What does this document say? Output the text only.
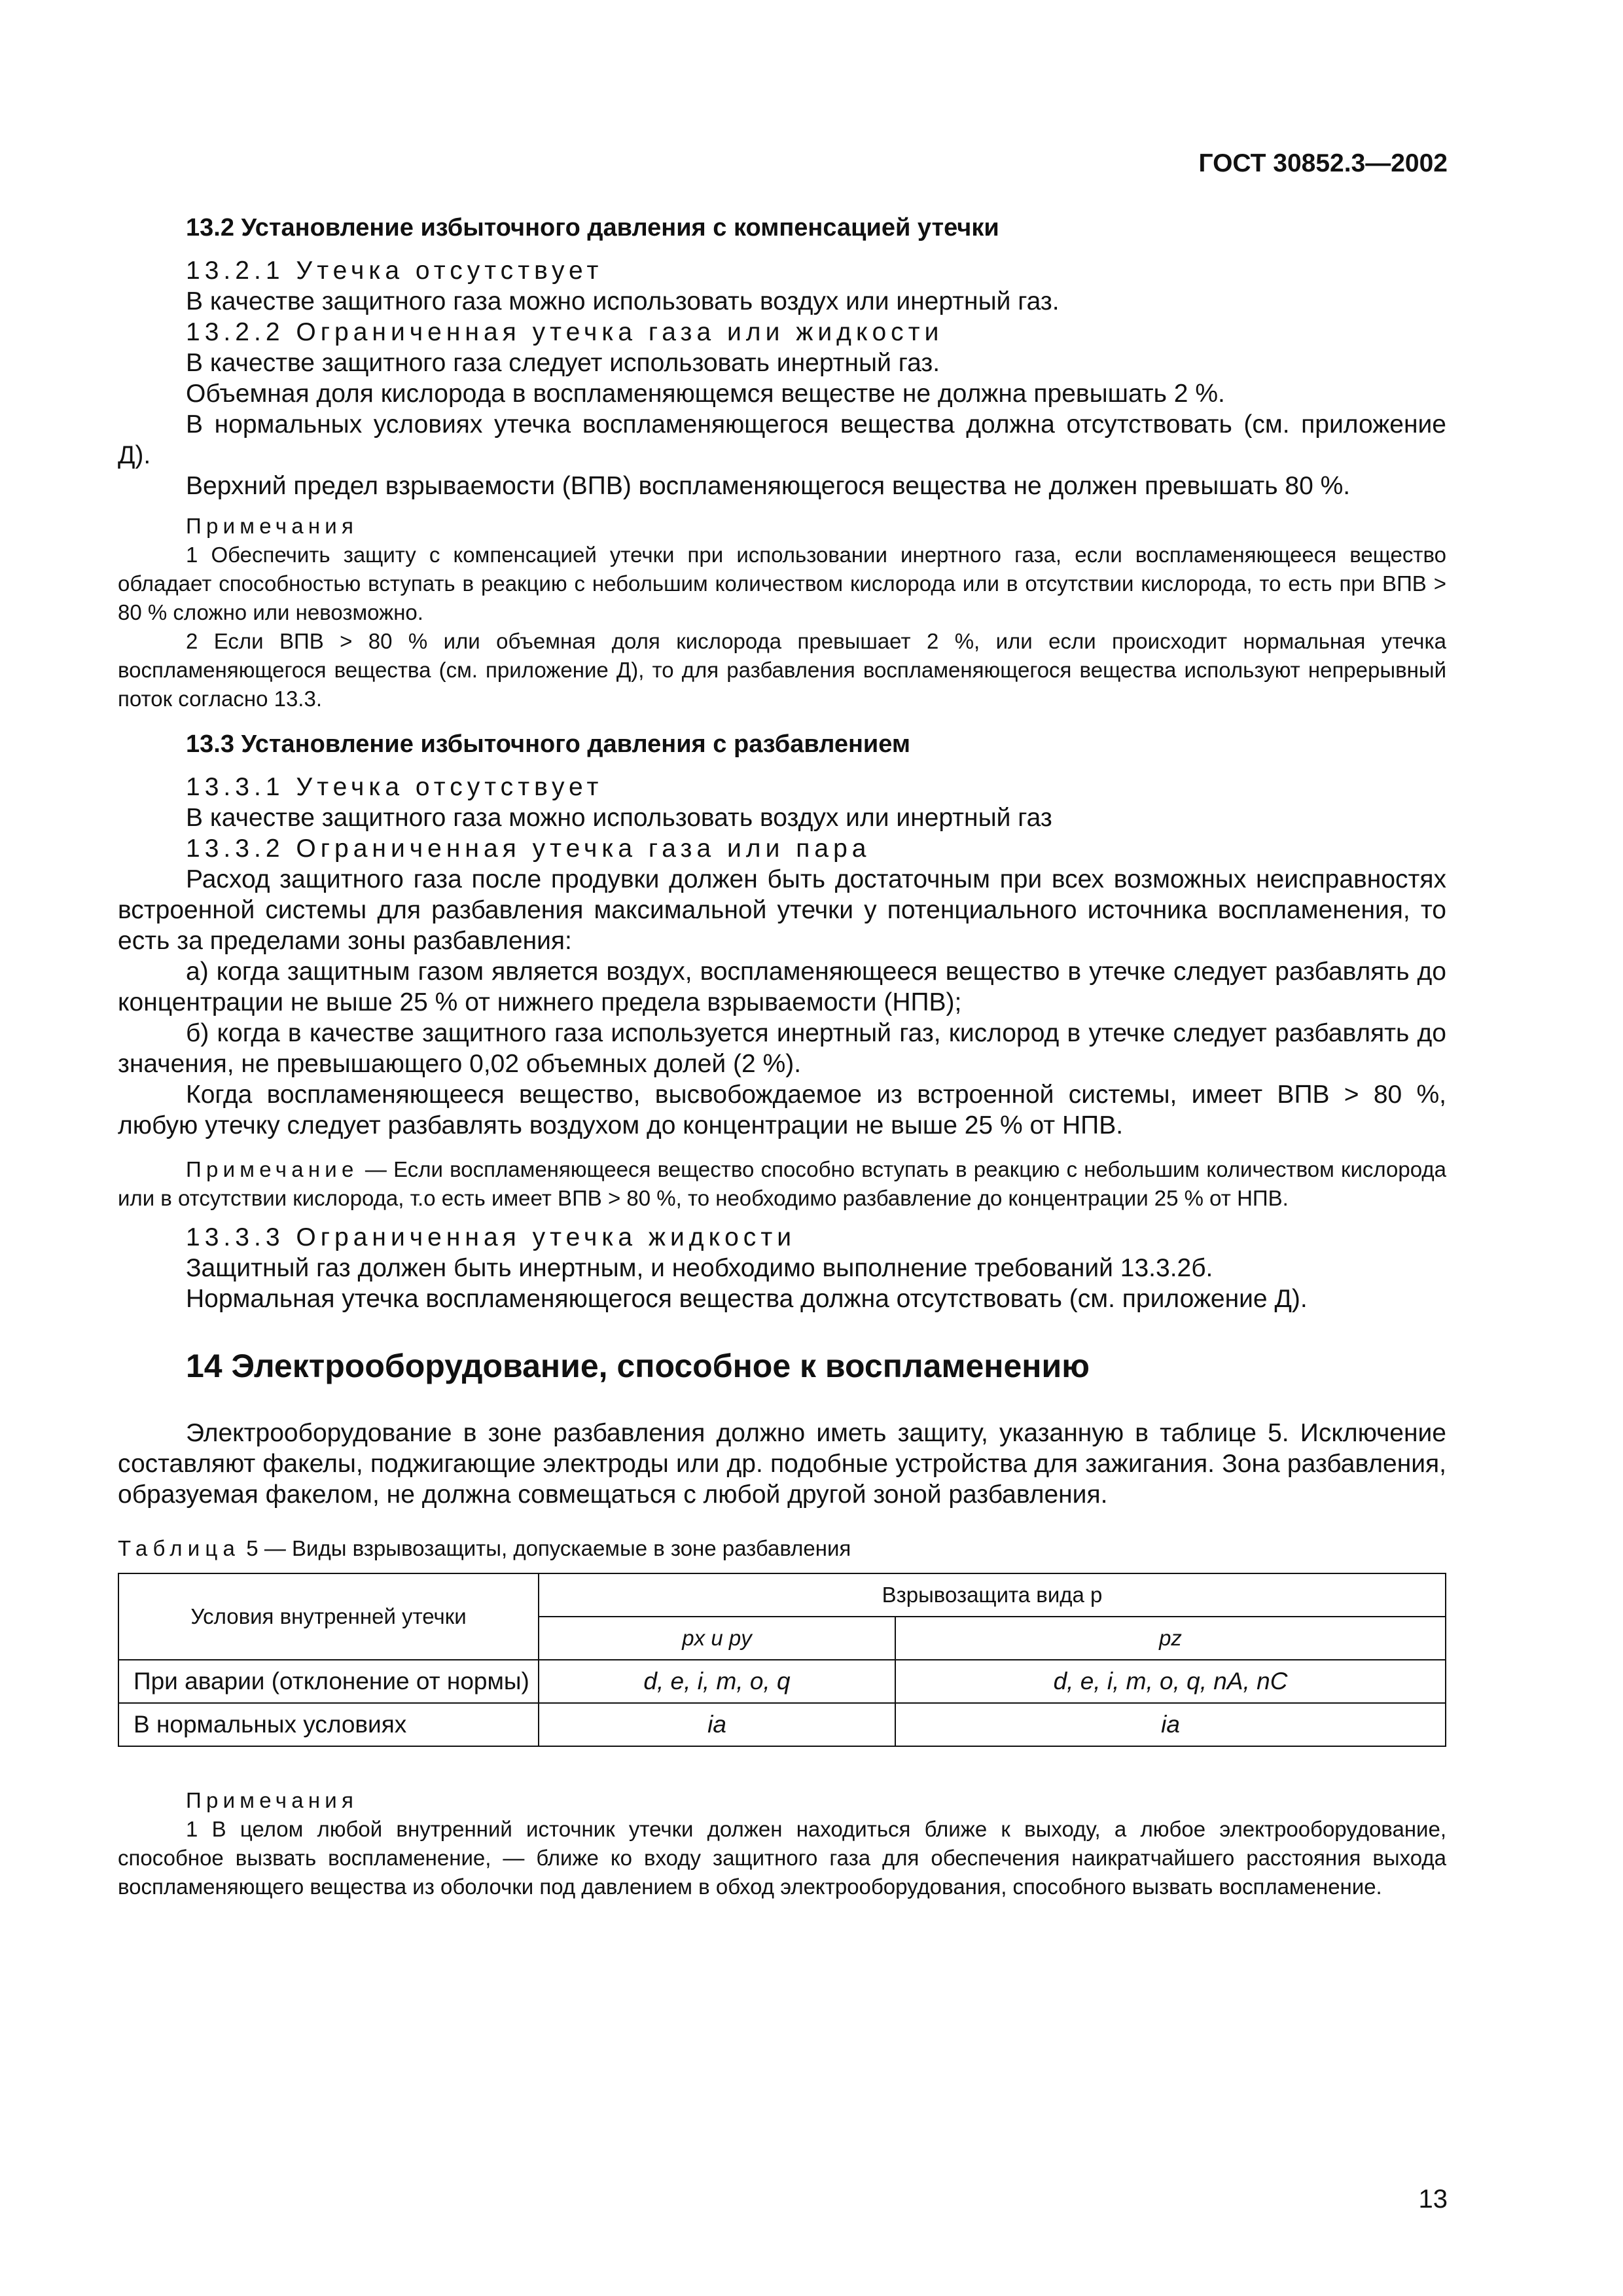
ГОСТ 30852.3—2002
13.2 Установление избыточного давления с компенсацией утечки

13.2.1 Утечка отсутствует

В качестве защитного газа можно использовать воздух или инертный газ.

13.2.2 Ограниченная утечка газа или жидкости

В качестве защитного газа следует использовать инертный газ.

Объемная доля кислорода в воспламеняющемся веществе не должна превышать 2 %.

В нормальных условиях утечка воспламеняющегося вещества должна отсутствовать (см. приложение Д).

Верхний предел взрываемости (ВПВ) воспламеняющегося вещества не должен превышать 80 %.

Примечания

1 Обеспечить защиту с компенсацией утечки при использовании инертного газа, если воспламеняющееся вещество обладает способностью вступать в реакцию с небольшим количеством кислорода или в отсутствии кислорода, то есть при ВПВ > 80 % сложно или невозможно.

2 Если ВПВ > 80 % или объемная доля кислорода превышает 2 %, или если происходит нормальная утечка воспламеняющегося вещества (см. приложение Д), то для разбавления воспламеняющегося вещества используют непрерывный поток согласно 13.3.

13.3 Установление избыточного давления с разбавлением

13.3.1 Утечка отсутствует

В качестве защитного газа можно использовать воздух или инертный газ

13.3.2 Ограниченная утечка газа или пара

Расход защитного газа после продувки должен быть достаточным при всех возможных неисправностях встроенной системы для разбавления максимальной утечки у потенциального источника воспламенения, то есть за пределами зоны разбавления:

а) когда защитным газом является воздух, воспламеняющееся вещество в утечке следует разбавлять до концентрации не выше 25 % от нижнего предела взрываемости (НПВ);

б) когда в качестве защитного газа используется инертный газ, кислород в утечке следует разбавлять до значения, не превышающего 0,02 объемных долей (2 %).

Когда воспламеняющееся вещество, высвобождаемое из встроенной системы, имеет ВПВ > 80 %, любую утечку следует разбавлять воздухом до концентрации не выше 25 % от НПВ.

Примечание — Если воспламеняющееся вещество способно вступать в реакцию с небольшим количеством кислорода или в отсутствии кислорода, т.о есть имеет ВПВ > 80 %, то необходимо разбавление до концентрации 25 % от НПВ.

13.3.3 Ограниченная утечка жидкости

Защитный газ должен быть инертным, и необходимо выполнение требований 13.3.2б.

Нормальная утечка воспламеняющегося вещества должна отсутствовать (см. приложение Д).

14 Электрооборудование, способное к воспламенению

Электрооборудование в зоне разбавления должно иметь защиту, указанную в таблице 5. Исключение составляют факелы, поджигающие электроды или др. подобные устройства для зажигания. Зона разбавления, образуемая факелом, не должна совмещаться с любой другой зоной разбавления.

Таблица 5 — Виды взрывозащиты, допускаемые в зоне разбавления

Условия внутренней утечки	Взрывозащита вида p	
	px и py	pz
При аварии (отклонение от нормы)	d, e, i, m, o, q	d, e, i, m, o, q, nA, nC
В нормальных условиях	ia	ia

Примечания

1 В целом любой внутренний источник утечки должен находиться ближе к выходу, а любое электрооборудование, способное вызвать воспламенение, — ближе ко входу защитного газа для обеспечения наикратчайшего расстояния выхода воспламеняющего вещества из оболочки под давлением в обход электрооборудования, способного вызвать воспламенение.

13
